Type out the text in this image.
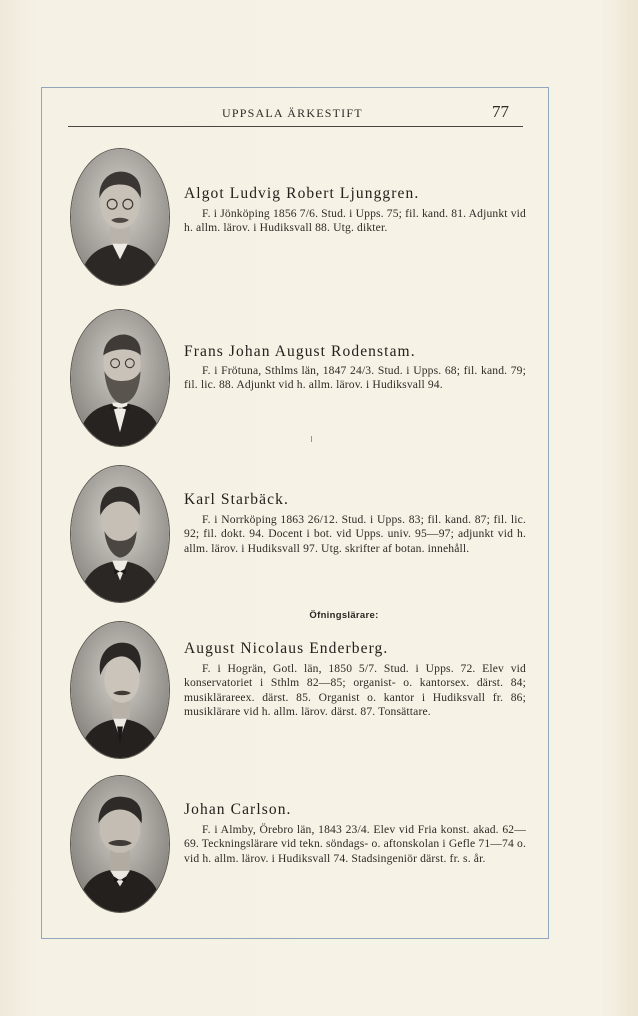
UPPSALA ÄRKESTIFT	77
Algot Ludvig Robert Ljunggren.
F. i Jönköping 1856 7/6. Stud. i Upps. 75; fil. kand. 81. Adjunkt vid h. allm. lärov. i Hudiksvall 88. Utg. dikter.
Frans Johan August Rodenstam.
F. i Frötuna, Sthlms län, 1847 24/3. Stud. i Upps. 68; fil. kand. 79; fil. lic. 88. Adjunkt vid h. allm. lärov. i Hudiksvall 94.
Karl Starbäck.
F. i Norrköping 1863 26/12. Stud. i Upps. 83; fil. kand. 87; fil. lic. 92; fil. dokt. 94. Docent i bot. vid Upps. univ. 95—97; adjunkt vid h. allm. lärov. i Hudiksvall 97. Utg. skrifter af botan. innehåll.
Öfningslärare:
August Nicolaus Enderberg.
F. i Hogrän, Gotl. län, 1850 5/7. Stud. i Upps. 72. Elev vid konservatoriet i Sthlm 82—85; organist- o. kantorsex. därst. 84; musiklärareex. därst. 85. Organist o. kantor i Hudiksvall fr. 86; musiklärare vid h. allm. lärov. därst. 87. Tonsättare.
Johan Carlson.
F. i Almby, Örebro län, 1843 23/4. Elev vid Fria konst. akad. 62—69. Teckningslärare vid tekn. söndags- o. aftonskolan i Gefle 71—74 o. vid h. allm. lärov. i Hudiksvall 74. Stadsingeniör därst. fr. s. år.
